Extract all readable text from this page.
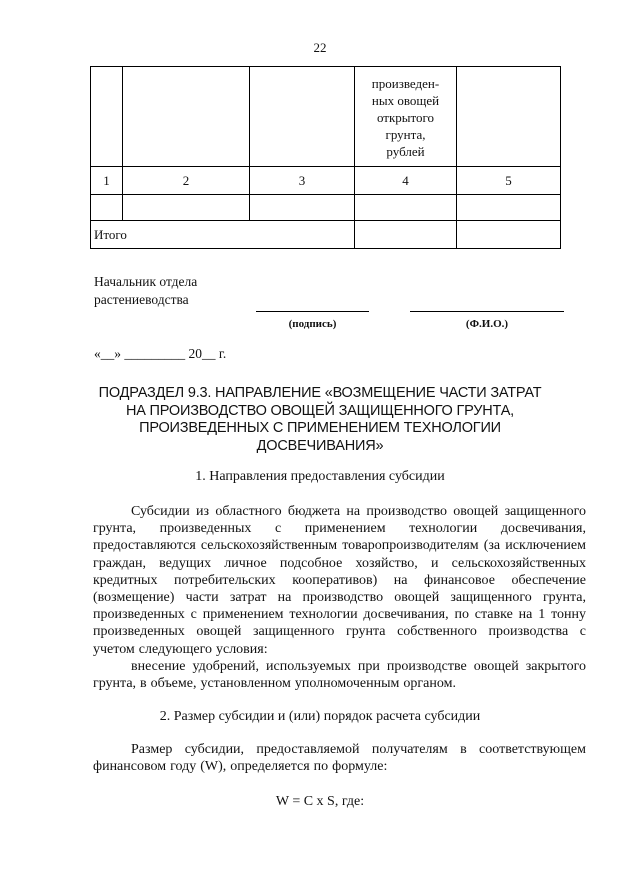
22

			произведен-
ных овощей
открытого
грунта,
рублей	

1	2	3	4	5

Итого				
Начальник отдела
растениеводства
(подпись)	(Ф.И.О.)
«__» _________ 20__ г.
ПОДРАЗДЕЛ 9.3. НАПРАВЛЕНИЕ «ВОЗМЕЩЕНИЕ ЧАСТИ ЗАТРАТ
НА ПРОИЗВОДСТВО ОВОЩЕЙ ЗАЩИЩЕННОГО ГРУНТА,
ПРОИЗВЕДЕННЫХ С ПРИМЕНЕНИЕМ ТЕХНОЛОГИИ
ДОСВЕЧИВАНИЯ»
1. Направления предоставления субсидии
Субсидии из областного бюджета на производство овощей защищенного грунта, произведенных с применением технологии досвечивания, предоставляются сельскохозяйственным товаропроизводителям (за исключением граждан, ведущих личное подсобное хозяйство, и сельскохозяйственных кредитных потребительских кооперативов) на финансовое обеспечение (возмещение) части затрат на производство овощей защищенного грунта, произведенных с применением технологии досвечивания, по ставке на 1 тонну произведенных овощей защищенного грунта собственного производства с учетом следующего условия:
внесение удобрений, используемых при производстве овощей закрытого грунта, в объеме, установленном уполномоченным органом.
2. Размер субсидии и (или) порядок расчета субсидии
Размер субсидии, предоставляемой получателям в соответствующем финансовом году (W), определяется по формуле:
W = C x S, где:
